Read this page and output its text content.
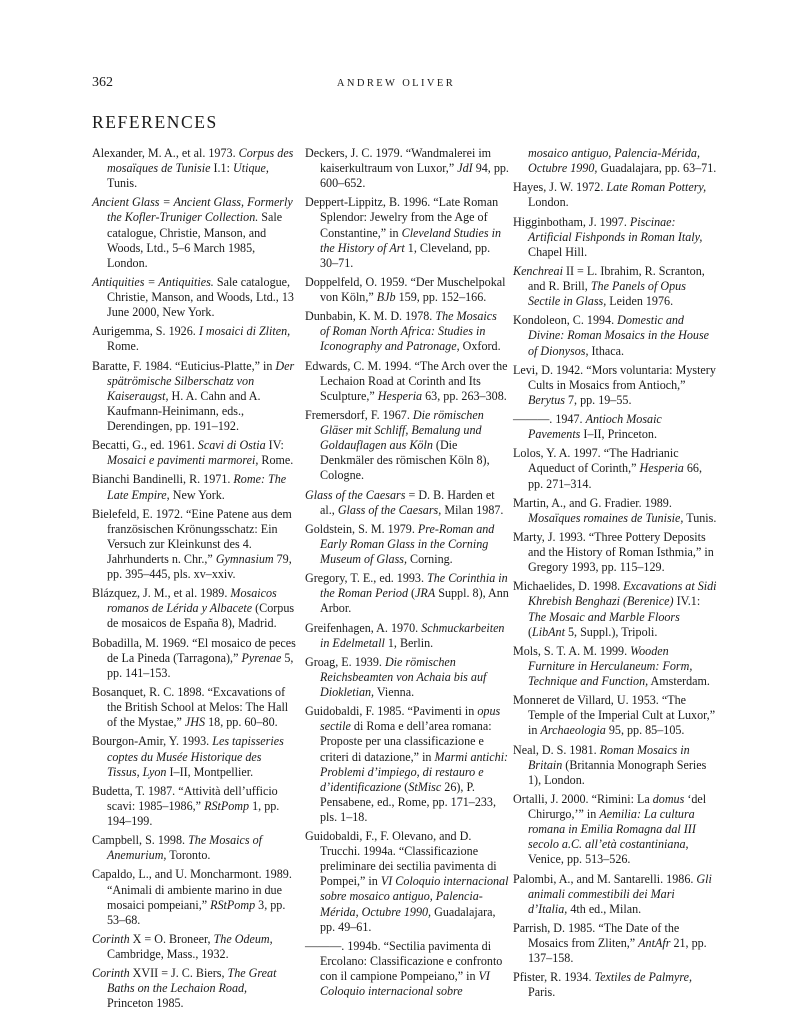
362	ANDREW OLIVER
REFERENCES

Alexander, M. A., et al. 1973. Corpus des mosaïques de Tunisie I.1: Utique, Tunis.

Ancient Glass = Ancient Glass, Formerly the Kofler-Truniger Collection. Sale catalogue, Christie, Manson, and Woods, Ltd., 5–6 March 1985, London.

Antiquities = Antiquities. Sale catalogue, Christie, Manson, and Woods, Ltd., 13 June 2000, New York.

Aurigemma, S. 1926. I mosaici di Zliten, Rome.

Baratte, F. 1984. “Euticius-Platte,” in Der spätrömische Silberschatz von Kaiseraugst, H. A. Cahn and A. Kaufmann-Heinimann, eds., Derendingen, pp. 191–192.

Becatti, G., ed. 1961. Scavi di Ostia IV: Mosaici e pavimenti marmorei, Rome.

Bianchi Bandinelli, R. 1971. Rome: The Late Empire, New York.

Bielefeld, E. 1972. “Eine Patene aus dem französischen Krönungsschatz: Ein Versuch zur Kleinkunst des 4. Jahrhunderts n. Chr.,” Gymnasium 79, pp. 395–445, pls. xv–xxiv.

Blázquez, J. M., et al. 1989. Mosaicos romanos de Lérida y Albacete (Corpus de mosaicos de España 8), Madrid.

Bobadilla, M. 1969. “El mosaico de peces de La Pineda (Tarragona),” Pyrenae 5, pp. 141–153.

Bosanquet, R. C. 1898. “Excavations of the British School at Melos: The Hall of the Mystae,” JHS 18, pp. 60–80.

Bourgon-Amir, Y. 1993. Les tapisseries coptes du Musée Historique des Tissus, Lyon I–II, Montpellier.

Budetta, T. 1987. “Attività dell’ufficio scavi: 1985–1986,” RStPomp 1, pp. 194–199.

Campbell, S. 1998. The Mosaics of Anemurium, Toronto.

Capaldo, L., and U. Moncharmont. 1989. “Animali di ambiente marino in due mosaici pompeiani,” RStPomp 3, pp. 53–68.

Corinth X = O. Broneer, The Odeum, Cambridge, Mass., 1932.

Corinth XVII = J. C. Biers, The Great Baths on the Lechaion Road, Princeton 1985.

Deckers, J. C. 1979. “Wandmalerei im kaiserkultraum von Luxor,” JdI 94, pp. 600–652.

Deppert-Lippitz, B. 1996. “Late Roman Splendor: Jewelry from the Age of Constantine,” in Cleveland Studies in the History of Art 1, Cleveland, pp. 30–71.

Doppelfeld, O. 1959. “Der Muschelpokal von Köln,” BJb 159, pp. 152–166.

Dunbabin, K. M. D. 1978. The Mosaics of Roman North Africa: Studies in Iconography and Patronage, Oxford.

Edwards, C. M. 1994. “The Arch over the Lechaion Road at Corinth and Its Sculpture,” Hesperia 63, pp. 263–308.

Fremersdorf, F. 1967. Die römischen Gläser mit Schliff, Bemalung und Goldauflagen aus Köln (Die Denkmäler des römischen Köln 8), Cologne.

Glass of the Caesars = D. B. Harden et al., Glass of the Caesars, Milan 1987.

Goldstein, S. M. 1979. Pre-Roman and Early Roman Glass in the Corning Museum of Glass, Corning.

Gregory, T. E., ed. 1993. The Corinthia in the Roman Period (JRA Suppl. 8), Ann Arbor.

Greifenhagen, A. 1970. Schmuckarbeiten in Edelmetall 1, Berlin.

Groag, E. 1939. Die römischen Reichsbeamten von Achaia bis auf Diokletian, Vienna.

Guidobaldi, F. 1985. “Pavimenti in opus sectile di Roma e dell’area romana: Proposte per una classificazione e criteri di datazione,” in Marmi antichi: Problemi d’impiego, di restauro e d’identificazione (StMisc 26), P. Pensabene, ed., Rome, pp. 171–233, pls. 1–18.

Guidobaldi, F., F. Olevano, and D. Trucchi. 1994a. “Classificazione preliminare dei sectilia pavimenta di Pompei,” in VI Coloquio internacional sobre mosaico antiguo, Palencia-Mérida, Octubre 1990, Guadalajara, pp. 49–61.

———. 1994b. “Sectilia pavimenta di Ercolano: Classificazione e confronto con il campione Pompeiano,” in VI Coloquio internacional sobre

mosaico antiguo, Palencia-Mérida, Octubre 1990, Guadalajara, pp. 63–71.

Hayes, J. W. 1972. Late Roman Pottery, London.

Higginbotham, J. 1997. Piscinae: Artificial Fishponds in Roman Italy, Chapel Hill.

Kenchreai II = L. Ibrahim, R. Scranton, and R. Brill, The Panels of Opus Sectile in Glass, Leiden 1976.

Kondoleon, C. 1994. Domestic and Divine: Roman Mosaics in the House of Dionysos, Ithaca.

Levi, D. 1942. “Mors voluntaria: Mystery Cults in Mosaics from Antioch,” Berytus 7, pp. 19–55.

———. 1947. Antioch Mosaic Pavements I–II, Princeton.

Lolos, Y. A. 1997. “The Hadrianic Aqueduct of Corinth,” Hesperia 66, pp. 271–314.

Martin, A., and G. Fradier. 1989. Mosaïques romaines de Tunisie, Tunis.

Marty, J. 1993. “Three Pottery Deposits and the History of Roman Isthmia,” in Gregory 1993, pp. 115–129.

Michaelides, D. 1998. Excavations at Sidi Khrebish Benghazi (Berenice) IV.1: The Mosaic and Marble Floors (LibAnt 5, Suppl.), Tripoli.

Mols, S. T. A. M. 1999. Wooden Furniture in Herculaneum: Form, Technique and Function, Amsterdam.

Monneret de Villard, U. 1953. “The Temple of the Imperial Cult at Luxor,” in Archaeologia 95, pp. 85–105.

Neal, D. S. 1981. Roman Mosaics in Britain (Britannia Monograph Series 1), London.

Ortalli, J. 2000. “Rimini: La domus ‘del Chirurgo,’” in Aemilia: La cultura romana in Emilia Romagna dal III secolo a.C. all’età costantiniana, Venice, pp. 513–526.

Palombi, A., and M. Santarelli. 1986. Gli animali commestibili dei Mari d’Italia, 4th ed., Milan.

Parrish, D. 1985. “The Date of the Mosaics from Zliten,” AntAfr 21, pp. 137–158.

Pfister, R. 1934. Textiles de Palmyre, Paris.
